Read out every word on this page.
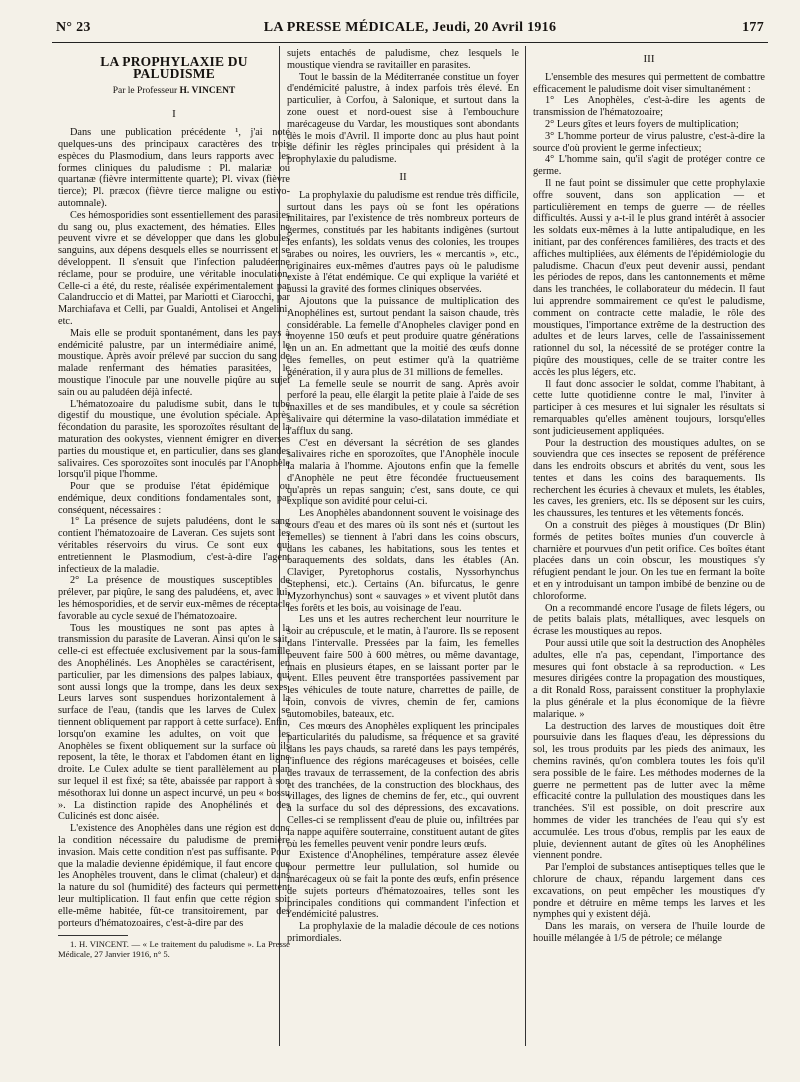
N° 23	LA PRESSE MÉDICALE, Jeudi, 20 Avril 1916	177
LA PROPHYLAXIE DU PALUDISME
Par le Professeur H. VINCENT
I

Dans une publication précédente ¹, j'ai noté quelques-uns des principaux caractères des trois espèces du Plasmodium, dans leurs rapports avec les formes cliniques du paludisme : Pl. malariæ ou quartanæ (fièvre intermittente quarte); Pl. vivax (fièvre tierce); Pl. præcox (fièvre tierce maligne ou estivo-automnale).

Ces hémosporidies sont essentiellement des parasites du sang ou, plus exactement, des hématies. Elles ne peuvent vivre et se développer que dans les globules sanguins, aux dépens desquels elles se nourrissent et se développent. Il s'ensuit que l'infection paludéenne réclame, pour se produire, une véritable inoculation. Celle-ci a été, du reste, réalisée expérimentalement par Calandruccio et di Mattei, par Mariotti et Ciarocchi, par Marchiafava et Celli, par Gualdi, Antolisei et Angelini, etc.

Mais elle se produit spontanément, dans les pays à endémicité palustre, par un intermédiaire animé, le moustique. Après avoir prélevé par succion du sang de malade renfermant des hématies parasitées, le moustique l'inocule par une nouvelle piqûre au sujet sain ou au paludéen déjà infecté.

L'hématozoaire du paludisme subit, dans le tube digestif du moustique, une évolution spéciale. Après fécondation du parasite, les sporozoïtes résultant de la maturation des ookystes, viennent émigrer en diverses parties du moustique et, en particulier, dans ses glandes salivaires. Ces sporozoïtes sont inoculés par l'Anophèle lorsqu'il pique l'homme.

Pour que se produise l'état épidémique ou endémique, deux conditions fondamentales sont, par conséquent, nécessaires :

1° La présence de sujets paludéens, dont le sang contient l'hématozoaire de Laveran. Ces sujets sont les véritables réservoirs du virus. Ce sont eux qui entretiennent le Plasmodium, c'est-à-dire l'agent infectieux de la maladie.

2° La présence de moustiques susceptibles de prélever, par piqûre, le sang des paludéens, et, avec lui, les hémosporidies, et de servir eux-mêmes de réceptacle favorable au cycle sexué de l'hématozoaire.

Tous les moustiques ne sont pas aptes à la transmission du parasite de Laveran. Ainsi qu'on le sait, celle-ci est effectuée exclusivement par la sous-famille des Anophélinés. Les Anophèles se caractérisent, en particulier, par les dimensions des palpes labiaux, qui sont aussi longs que la trompe, dans les deux sexes. Leurs larves sont suspendues horizontalement à la surface de l'eau, (tandis que les larves de Culex se tiennent obliquement par rapport à cette surface). Enfin, lorsqu'on examine les adultes, on voit que les Anophèles se fixent obliquement sur la surface où ils reposent, la tête, le thorax et l'abdomen étant en ligne droite. Le Culex adulte se tient parallèlement au plan sur lequel il est fixé; sa tête, abaissée par rapport à son mésothorax lui donne un aspect incurvé, un peu « bossu ». La distinction rapide des Anophélinés et des Culicinés est donc aisée.

L'existence des Anophèles dans une région est donc la condition nécessaire du paludisme de première invasion. Mais cette condition n'est pas suffisante. Pour que la maladie devienne épidémique, il faut encore que les Anophèles trouvent, dans le climat (chaleur) et dans la nature du sol (humidité) des facteurs qui permettent leur multiplication. Il faut enfin que cette région soit elle-même habitée, fût-ce transitoirement, par des porteurs d'hématozoaires, c'est-à-dire par des

1. H. VINCENT. — « Le traitement du paludisme ». La Presse Médicale, 27 Janvier 1916, n° 5.

sujets entachés de paludisme, chez lesquels le moustique viendra se ravitailler en parasites.

Tout le bassin de la Méditerranée constitue un foyer d'endémicité palustre, à index parfois très élevé. En particulier, à Corfou, à Salonique, et surtout dans la zone ouest et nord-ouest sise à l'embouchure marécageuse du Vardar, les moustiques sont abondants dès le mois d'Avril. Il importe donc au plus haut point de définir les règles principales qui président à la prophylaxie du paludisme.

II

La prophylaxie du paludisme est rendue très difficile, surtout dans les pays où se font les opérations militaires, par l'existence de très nombreux porteurs de germes, constitués par les habitants indigènes (surtout les enfants), les soldats venus des colonies, les troupes arabes ou noires, les ouvriers, les « mercantis », etc., originaires eux-mêmes d'autres pays où le paludisme existe à l'état endémique. Ce qui explique la variété et aussi la gravité des formes cliniques observées.

Ajoutons que la puissance de multiplication des Anophélines est, surtout pendant la saison chaude, très considérable. La femelle d'Anopheles claviger pond en moyenne 150 œufs et peut produire quatre générations en un an. En admettant que la moitié des œufs donne des femelles, on peut estimer qu'à la quatrième génération, il y aura plus de 31 millions de femelles.

La femelle seule se nourrit de sang. Après avoir perforé la peau, elle élargit la petite plaie à l'aide de ses maxilles et de ses mandibules, et y coule sa sécrétion salivaire qui détermine la vaso-dilatation immédiate et l'afflux du sang.

C'est en déversant la sécrétion de ses glandes salivaires riche en sporozoïtes, que l'Anophèle inocule la malaria à l'homme. Ajoutons enfin que la femelle d'Anophèle ne peut être fécondée fructueusement qu'après un repas sanguin; c'est, sans doute, ce qui explique son avidité pour celui-ci.

Les Anophèles abandonnent souvent le voisinage des cours d'eau et des mares où ils sont nés et (surtout les femelles) se tiennent à l'abri dans les coins obscurs, dans les cabanes, les habitations, sous les tentes et baraquements des soldats, dans les étables (An. Claviger, Pyretophorus costalis, Nyssorhynchus Stephensi, etc.). Certains (An. bifurcatus, le genre Myzorhynchus) sont « sauvages » et vivent plutôt dans les forêts et les bois, au voisinage de l'eau.

Les uns et les autres recherchent leur nourriture le soir au crépuscule, et le matin, à l'aurore. Ils se reposent dans l'intervalle. Pressées par la faim, les femelles peuvent faire 500 à 600 mètres, ou même davantage, mais en plusieurs étapes, en se laissant porter par le vent. Elles peuvent être transportées passivement par les véhicules de toute nature, charrettes de paille, de foin, convois de vivres, chemin de fer, camions automobiles, bateaux, etc.

Ces mœurs des Anophèles expliquent les principales particularités du paludisme, sa fréquence et sa gravité dans les pays chauds, sa rareté dans les pays tempérés, l'influence des régions marécageuses et boisées, celle des travaux de terrassement, de la confection des abris et des tranchées, de la construction des blockhaus, des villages, des lignes de chemins de fer, etc., qui ouvrent à la surface du sol des dépressions, des excavations. Celles-ci se remplissent d'eau de pluie ou, infiltrées par la nappe aquifère souterraine, constituent autant de gîtes où les femelles peuvent venir pondre leurs œufs.

Existence d'Anophélines, température assez élevée pour permettre leur pullulation, sol humide ou marécageux où se fait la ponte des œufs, enfin présence de sujets porteurs d'hématozoaires, telles sont les principales conditions qui commandent l'infection et l'endémicité palustres.

La prophylaxie de la maladie découle de ces notions primordiales.

III

L'ensemble des mesures qui permettent de combattre efficacement le paludisme doit viser simultanément :

1° Les Anophèles, c'est-à-dire les agents de transmission de l'hématozoaire;

2° Leurs gîtes et leurs foyers de multiplication;

3° L'homme porteur de virus palustre, c'est-à-dire la source d'où provient le germe infectieux;

4° L'homme sain, qu'il s'agit de protéger contre ce germe.

Il ne faut point se dissimuler que cette prophylaxie offre souvent, dans son application — et particulièrement en temps de guerre — de réelles difficultés. Aussi y a-t-il le plus grand intérêt à associer les soldats eux-mêmes à la lutte antipaludique, en les initiant, par des conférences familières, des tracts et des affiches multipliées, aux éléments de l'épidémiologie du paludisme. Chacun d'eux peut devenir aussi, pendant les périodes de repos, dans les cantonnements et même dans les tranchées, le collaborateur du médecin. Il faut lui apprendre sommairement ce qu'est le paludisme, comment on contracte cette maladie, le rôle des moustiques, l'importance extrême de la destruction des adultes et de leurs larves, celle de l'assainissement rationnel du sol, la nécessité de se protéger contre la piqûre des moustiques, celle de se traiter contre les accès les plus légers, etc.

Il faut donc associer le soldat, comme l'habitant, à cette lutte quotidienne contre le mal, l'inviter à participer à ces mesures et lui signaler les résultats si remarquables qu'elles amènent toujours, lorsqu'elles sont judicieusement appliquées.

Pour la destruction des moustiques adultes, on se souviendra que ces insectes se reposent de préférence dans les endroits obscurs et abrités du vent, sous les tentes et dans les coins des baraquements. Ils recherchent les écuries à chevaux et mulets, les étables, les caves, les greniers, etc. Ils se déposent sur les cuirs, les chaussures, les tentures et les vêtements foncés.

On a construit des pièges à moustiques (Dr Blin) formés de petites boîtes munies d'un couvercle à charnière et pourvues d'un petit orifice. Ces boîtes étant placées dans un coin obscur, les moustiques s'y réfugient pendant le jour. On les tue en fermant la boîte et en y introduisant un tampon imbibé de benzine ou de chloroforme.

On a recommandé encore l'usage de filets légers, ou de petits balais plats, métalliques, avec lesquels on écrase les moustiques au repos.

Pour aussi utile que soit la destruction des Anophèles adultes, elle n'a pas, cependant, l'importance des mesures qui font obstacle à sa reproduction. « Les mesures dirigées contre la propagation des moustiques, a dit Ronald Ross, paraissent constituer la prophylaxie la plus générale et la plus économique de la fièvre malarique. »

La destruction des larves de moustiques doit être poursuivie dans les flaques d'eau, les dépressions du sol, les trous produits par les pieds des animaux, les chemins ravinés, qu'on comblera toutes les fois qu'il sera possible de le faire. Les méthodes modernes de la guerre ne permettent pas de lutter avec la même efficacité contre la pullulation des moustiques dans les tranchées. S'il est possible, on doit prescrire aux hommes de vider les tranchées de l'eau qui s'y est accumulée. Les trous d'obus, remplis par les eaux de pluie, deviennent autant de gîtes où les Anophélines viennent pondre.

Par l'emploi de substances antiseptiques telles que le chlorure de chaux, répandu largement dans ces excavations, on peut empêcher les moustiques d'y pondre et détruire en même temps les larves et les nymphes qui y existent déjà.

Dans les marais, on versera de l'huile lourde de houille mélangée à 1/5 de pétrole; ce mélange
